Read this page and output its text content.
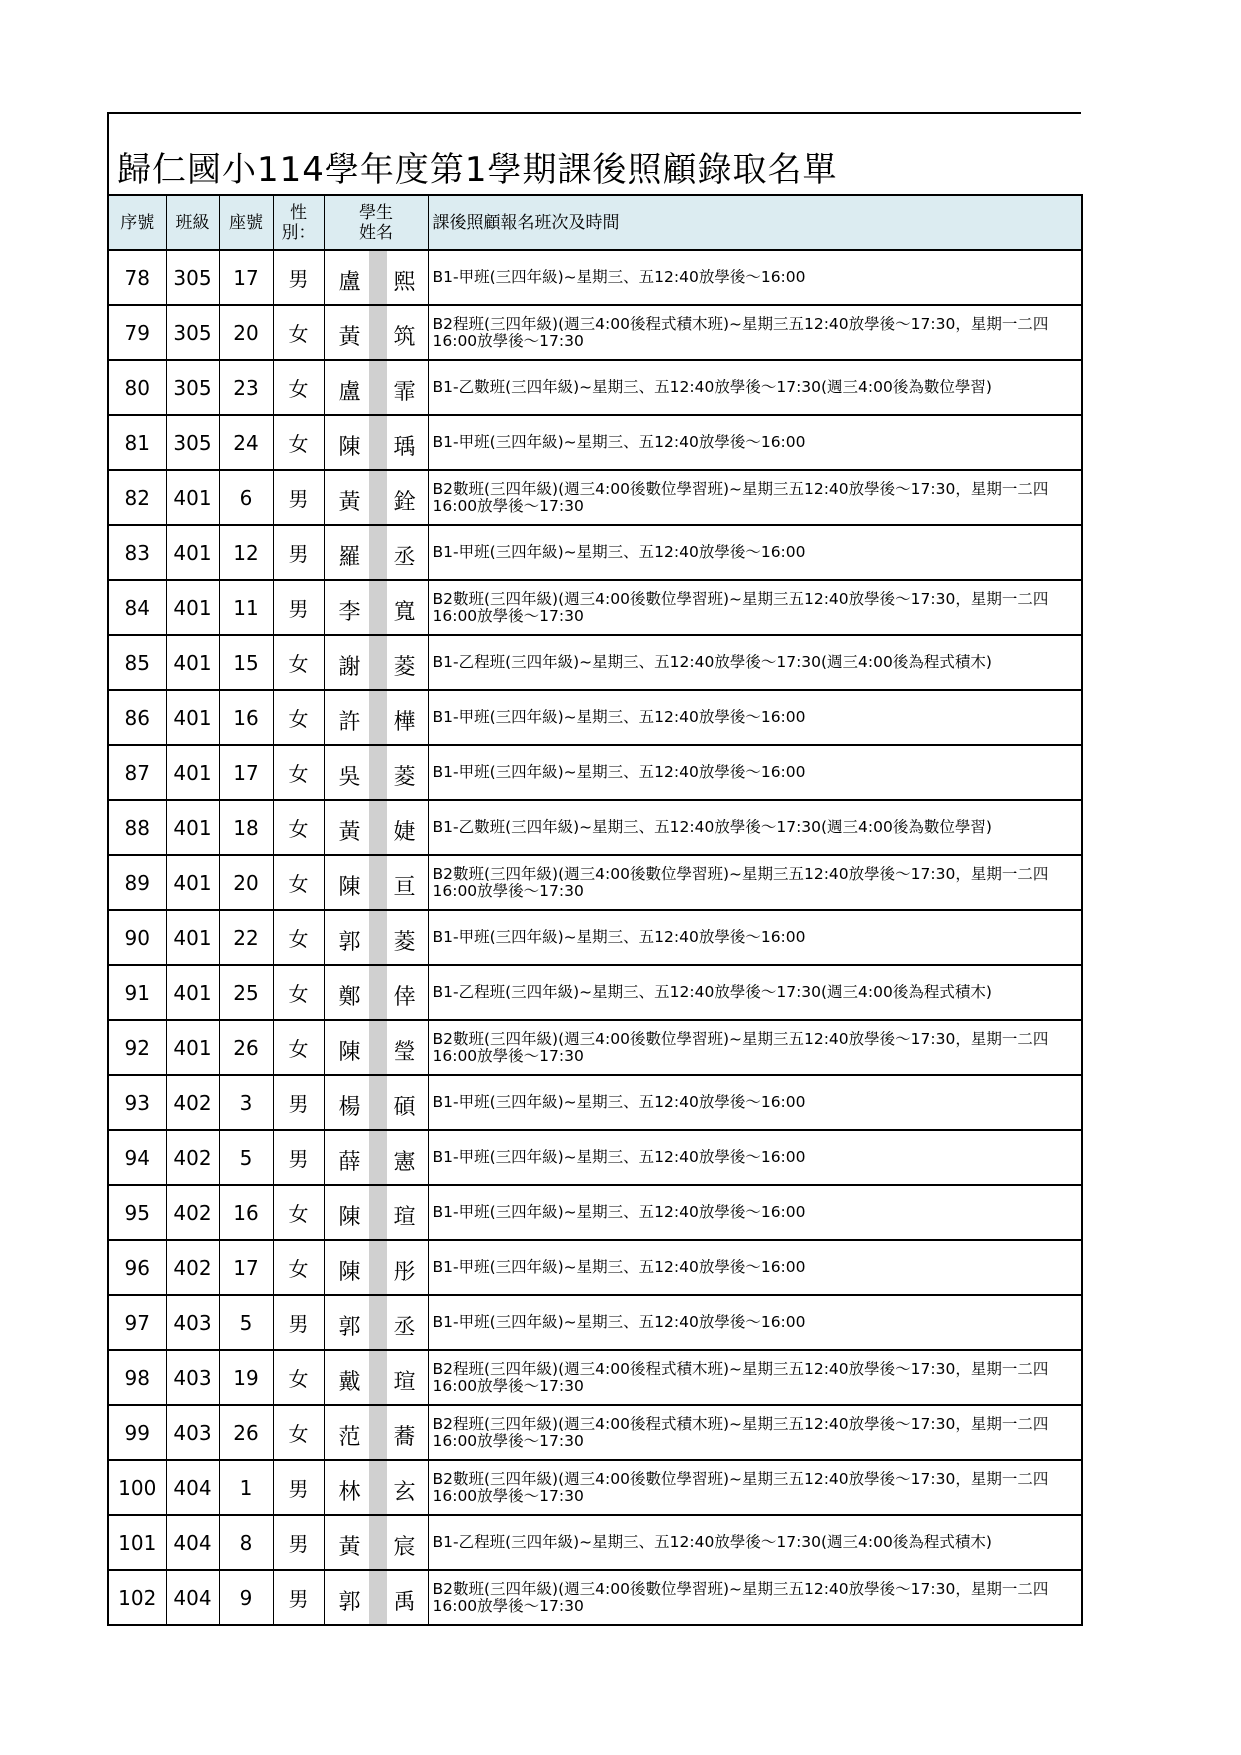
歸仁國小114學年度第1學期課後照顧錄取名單
序號	班級	座號	性別：	學生姓名	課後照顧報名班次及時間
78	305	17	男	盧 熙	B1-甲班(三四年級)~星期三、五12:40放學後～16:00
79	305	20	女	黃 筑	B2程班(三四年級)(週三4:00後程式積木班)~星期三五12:40放學後～17:30，星期一二四16:00放學後～17:30
80	305	23	女	盧 霏	B1-乙數班(三四年級)~星期三、五12:40放學後～17:30(週三4:00後為數位學習)
81	305	24	女	陳 瑀	B1-甲班(三四年級)~星期三、五12:40放學後～16:00
82	401	6	男	黃 銓	B2數班(三四年級)(週三4:00後數位學習班)~星期三五12:40放學後～17:30，星期一二四16:00放學後～17:30
83	401	12	男	羅 丞	B1-甲班(三四年級)~星期三、五12:40放學後～16:00
84	401	11	男	李 寬	B2數班(三四年級)(週三4:00後數位學習班)~星期三五12:40放學後～17:30，星期一二四16:00放學後～17:30
85	401	15	女	謝 菱	B1-乙程班(三四年級)~星期三、五12:40放學後～17:30(週三4:00後為程式積木)
86	401	16	女	許 樺	B1-甲班(三四年級)~星期三、五12:40放學後～16:00
87	401	17	女	吳 菱	B1-甲班(三四年級)~星期三、五12:40放學後～16:00
88	401	18	女	黃 婕	B1-乙數班(三四年級)~星期三、五12:40放學後～17:30(週三4:00後為數位學習)
89	401	20	女	陳 亘	B2數班(三四年級)(週三4:00後數位學習班)~星期三五12:40放學後～17:30，星期一二四16:00放學後～17:30
90	401	22	女	郭 菱	B1-甲班(三四年級)~星期三、五12:40放學後～16:00
91	401	25	女	鄭 倖	B1-乙程班(三四年級)~星期三、五12:40放學後～17:30(週三4:00後為程式積木)
92	401	26	女	陳 瑩	B2數班(三四年級)(週三4:00後數位學習班)~星期三五12:40放學後～17:30，星期一二四16:00放學後～17:30
93	402	3	男	楊 碩	B1-甲班(三四年級)~星期三、五12:40放學後～16:00
94	402	5	男	薛 憲	B1-甲班(三四年級)~星期三、五12:40放學後～16:00
95	402	16	女	陳 瑄	B1-甲班(三四年級)~星期三、五12:40放學後～16:00
96	402	17	女	陳 彤	B1-甲班(三四年級)~星期三、五12:40放學後～16:00
97	403	5	男	郭 丞	B1-甲班(三四年級)~星期三、五12:40放學後～16:00
98	403	19	女	戴 瑄	B2程班(三四年級)(週三4:00後程式積木班)~星期三五12:40放學後～17:30，星期一二四16:00放學後～17:30
99	403	26	女	范 蕎	B2程班(三四年級)(週三4:00後程式積木班)~星期三五12:40放學後～17:30，星期一二四16:00放學後～17:30
100	404	1	男	林 玄	B2數班(三四年級)(週三4:00後數位學習班)~星期三五12:40放學後～17:30，星期一二四16:00放學後～17:30
101	404	8	男	黃 宸	B1-乙程班(三四年級)~星期三、五12:40放學後～17:30(週三4:00後為程式積木)
102	404	9	男	郭 禹	B2數班(三四年級)(週三4:00後數位學習班)~星期三五12:40放學後～17:30，星期一二四16:00放學後～17:30
